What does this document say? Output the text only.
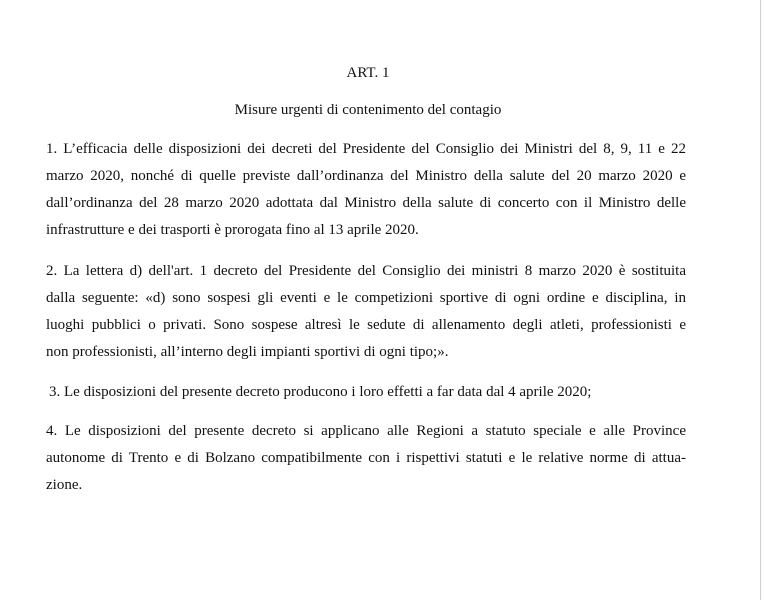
ART. 1
Misure urgenti di contenimento del contagio
1. L’efficacia delle disposizioni dei decreti del Presidente del Consiglio dei Ministri del 8, 9, 11 e 22
marzo 2020, nonché di quelle previste dall’ordinanza del Ministro della salute del 20 marzo 2020 e
dall’ordinanza del 28 marzo 2020 adottata dal Ministro della salute di concerto con il Ministro delle
infrastrutture e dei trasporti è prorogata fino al 13 aprile 2020.
2. La lettera d) dell'art. 1 decreto del Presidente del Consiglio dei ministri 8 marzo 2020 è sostituita
dalla seguente: «d) sono sospesi gli eventi e le competizioni sportive di ogni ordine e disciplina, in
luoghi pubblici o privati. Sono sospese altresì le sedute di allenamento degli atleti, professionisti e
non professionisti, all’interno degli impianti sportivi di ogni tipo;».
3. Le disposizioni del presente decreto producono i loro effetti a far data dal 4 aprile 2020;
4. Le disposizioni del presente decreto si applicano alle Regioni a statuto speciale e alle Province
autonome di Trento e di Bolzano compatibilmente con i rispettivi statuti e le relative norme di attua-
zione.
